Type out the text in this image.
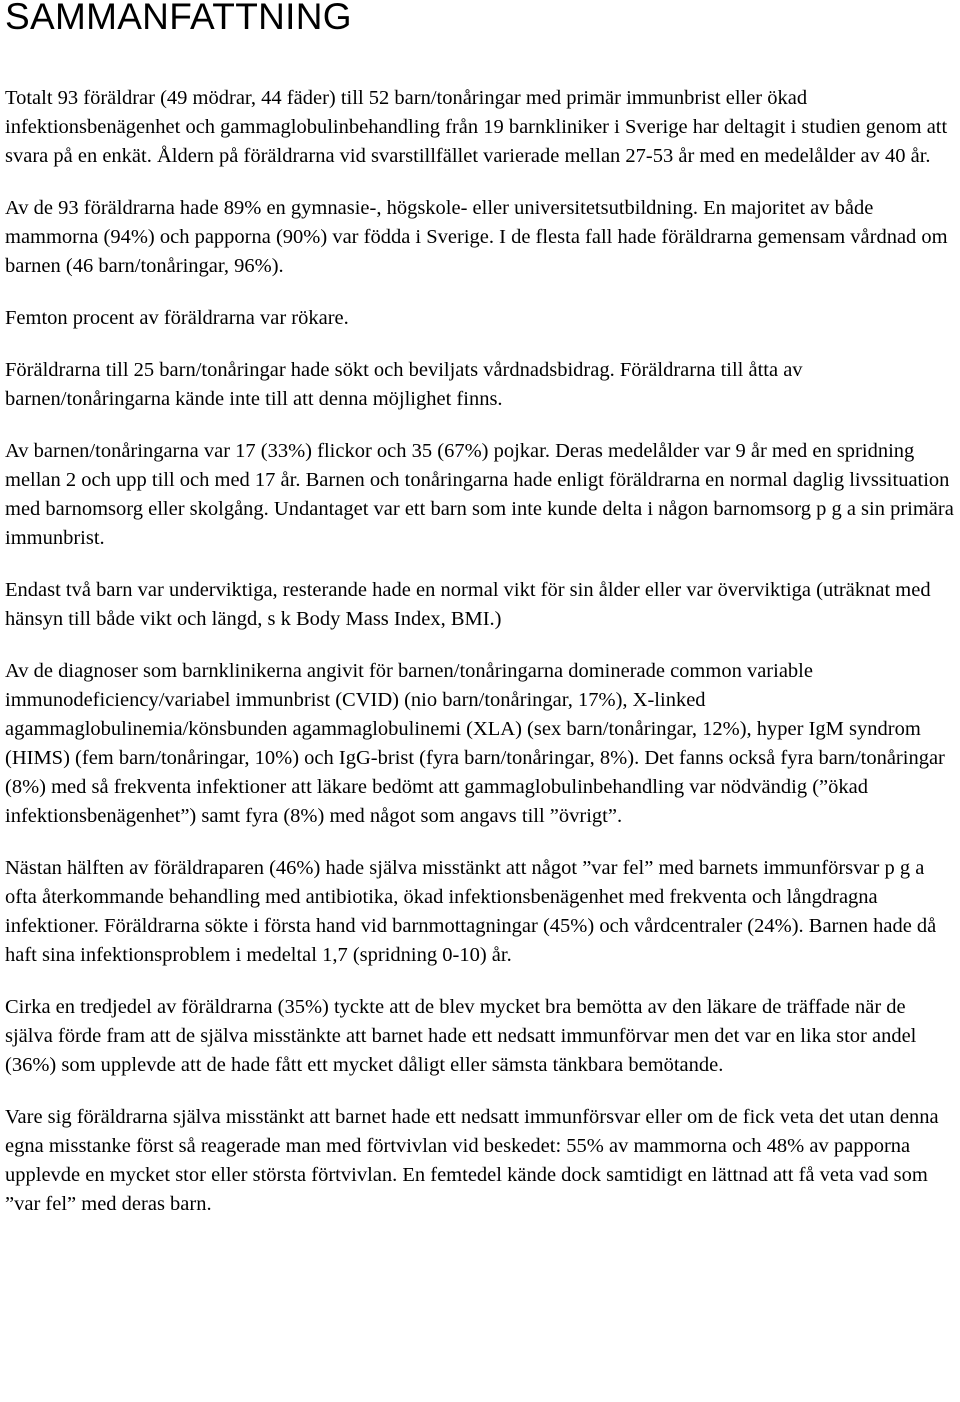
SAMMANFATTNING

Totalt 93 föräldrar (49 mödrar, 44 fäder) till 52 barn/tonåringar med primär immunbrist eller ökad infektionsbenägenhet och gammaglobulinbehandling från 19 barnkliniker i Sverige har deltagit i studien genom att svara på en enkät. Åldern på föräldrarna vid svarstillfället varierade mellan 27-53 år med en medelålder av 40 år.

Av de 93 föräldrarna hade 89% en gymnasie-, högskole- eller universitetsutbildning. En majoritet av både mammorna (94%) och papporna (90%) var födda i Sverige. I de flesta fall hade föräldrarna gemensam vårdnad om barnen (46 barn/tonåringar, 96%).

Femton procent av föräldrarna var rökare.

Föräldrarna till 25 barn/tonåringar hade sökt och beviljats vårdnadsbidrag. Föräldrarna till åtta av barnen/tonåringarna kände inte till att denna möjlighet finns.

Av barnen/tonåringarna var 17 (33%) flickor och 35 (67%) pojkar. Deras medelålder var 9 år med en spridning mellan 2 och upp till och med 17 år. Barnen och tonåringarna hade enligt föräldrarna en normal daglig livssituation med barnomsorg eller skolgång. Undantaget var ett barn som inte kunde delta i någon barnomsorg p g a sin primära immunbrist.

Endast två barn var underviktiga, resterande hade en normal vikt för sin ålder eller var överviktiga (uträknat med hänsyn till både vikt och längd, s k Body Mass Index, BMI.)

Av de diagnoser som barnklinikerna angivit för barnen/tonåringarna dominerade common variable immunodeficiency/variabel immunbrist (CVID) (nio barn/tonåringar, 17%), X-linked agammaglobulinemia/könsbunden agammaglobulinemi (XLA) (sex barn/tonåringar, 12%), hyper IgM syndrom (HIMS) (fem barn/tonåringar, 10%) och IgG-brist (fyra barn/tonåringar, 8%). Det fanns också fyra barn/tonåringar (8%) med så frekventa infektioner att läkare bedömt att gammaglobulinbehandling var nödvändig (”ökad infektionsbenägenhet”) samt fyra (8%) med något som angavs till ”övrigt”.

Nästan hälften av föräldraparen (46%) hade själva misstänkt att något ”var fel” med barnets immunförsvar p g a ofta återkommande behandling med antibiotika, ökad infektionsbenägenhet med frekventa och långdragna infektioner. Föräldrarna sökte i första hand vid barnmottagningar (45%) och vårdcentraler (24%). Barnen hade då haft sina infektionsproblem i medeltal 1,7 (spridning 0-10) år.

Cirka en tredjedel av föräldrarna (35%) tyckte att de blev mycket bra bemötta av den läkare de träffade när de själva förde fram att de själva misstänkte att barnet hade ett nedsatt immunförvar men det var en lika stor andel (36%) som upplevde att de hade fått ett mycket dåligt eller sämsta tänkbara bemötande.

Vare sig föräldrarna själva misstänkt att barnet hade ett nedsatt immunförsvar eller om de fick veta det utan denna egna misstanke först så reagerade man med förtvivlan vid beskedet: 55% av mammorna och 48% av papporna upplevde en mycket stor eller största förtvivlan. En femtedel kände dock samtidigt en lättnad att få veta vad som ”var fel” med deras barn.
